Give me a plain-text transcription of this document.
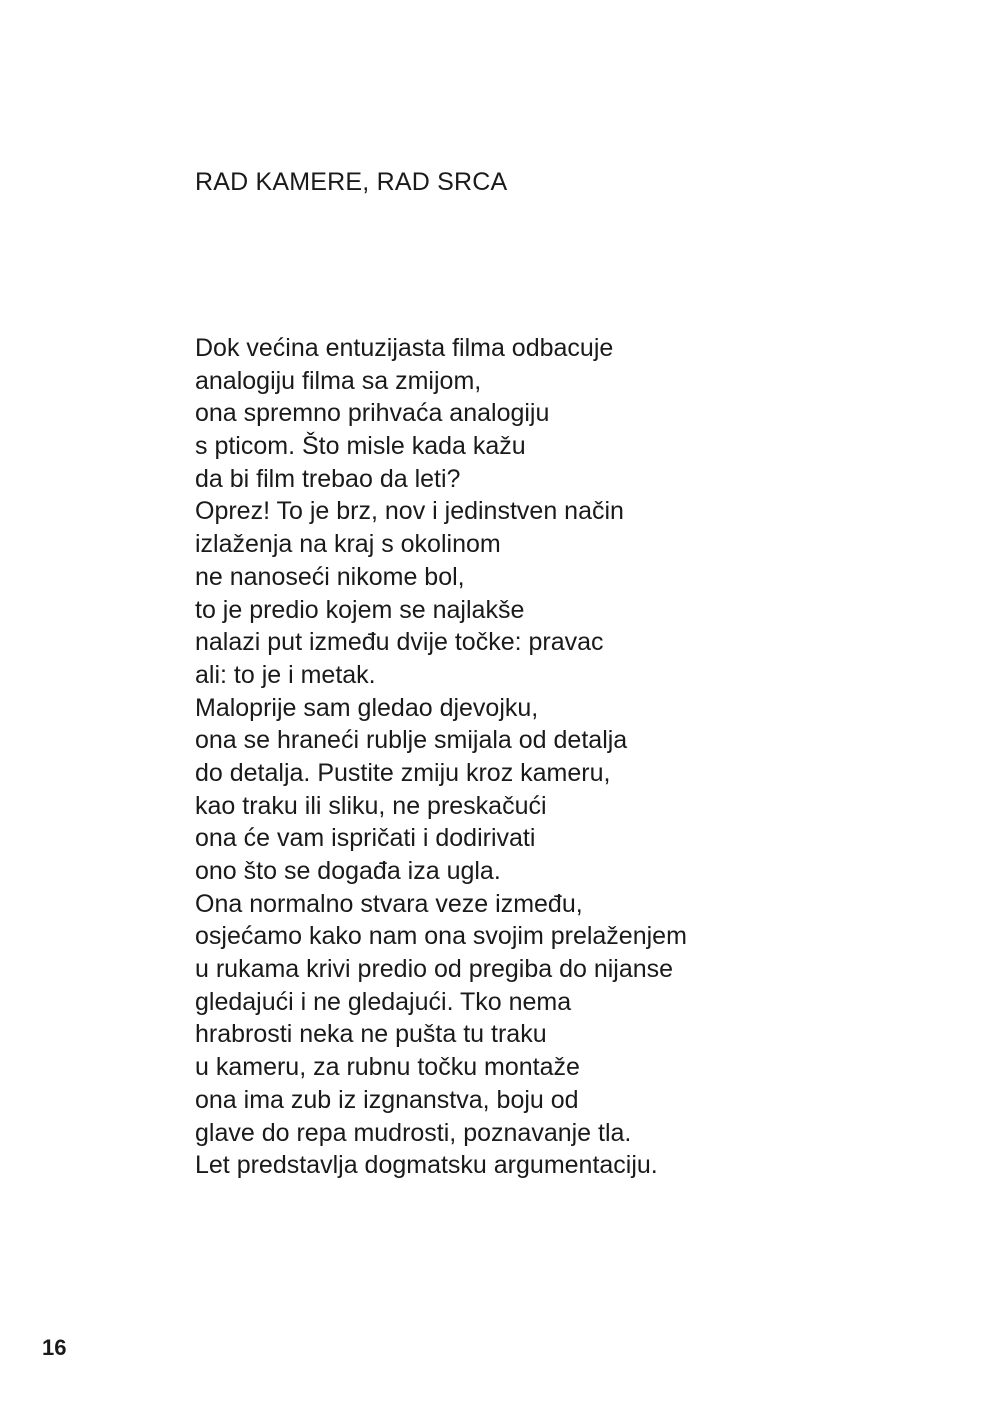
RAD KAMERE, RAD SRCA
Dok većina entuzijasta filma odbacuje
analogiju filma sa zmijom,
ona spremno prihvaća analogiju
s pticom. Što misle kada kažu
da bi film trebao da leti?
Oprez! To je brz, nov i jedinstven način
izlaženja na kraj s okolinom
ne nanoseći nikome bol,
to je predio kojem se najlakše
nalazi put između dvije točke: pravac
ali: to je i metak.
Maloprije sam gledao djevojku,
ona se hraneći rublje smijala od detalja
do detalja. Pustite zmiju kroz kameru,
kao traku ili sliku, ne preskačući
ona će vam ispričati i dodirivati
ono što se događa iza ugla.
Ona normalno stvara veze između,
osjećamo kako nam ona svojim prelaženjem
u rukama krivi predio od pregiba do nijanse
gledajući i ne gledajući. Tko nema
hrabrosti neka ne pušta tu traku
u kameru, za rubnu točku montaže
ona ima zub iz izgnanstva, boju od
glave do repa mudrosti, poznavanje tla.
Let predstavlja dogmatsku argumentaciju.
16
